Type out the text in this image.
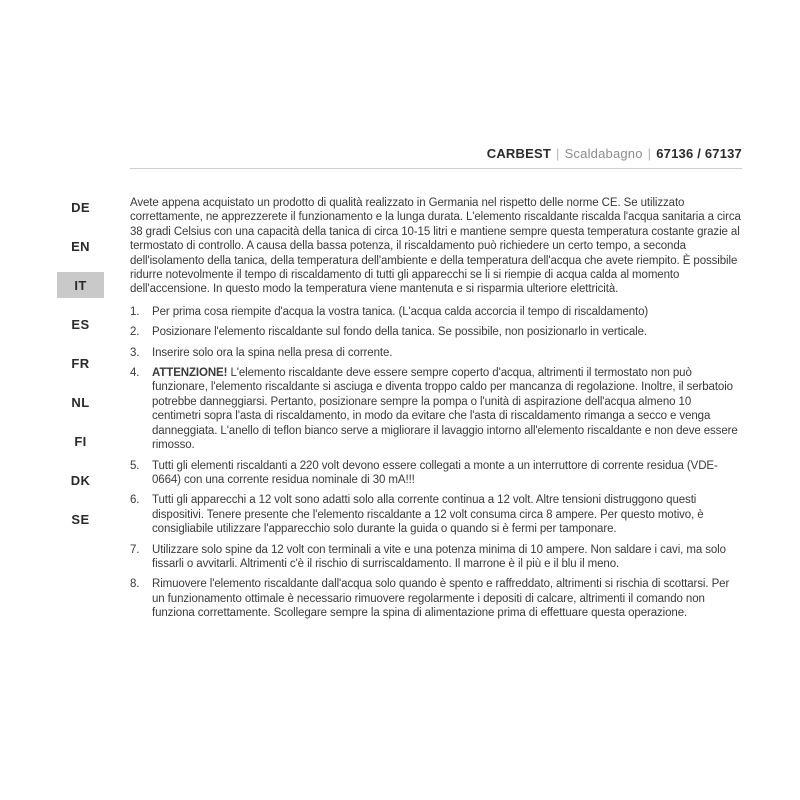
CARBEST | Scaldabagno | 67136 / 67137
DE
EN
IT
ES
FR
NL
FI
DK
SE

Avete appena acquistato un prodotto di qualità realizzato in Germania nel rispetto delle norme CE. Se utilizzato correttamente, ne apprezzerete il funzionamento e la lunga durata. L'elemento riscaldante riscalda l'acqua sanitaria a circa 38 gradi Celsius con una capacità della tanica di circa 10-15 litri e mantiene sempre questa temperatura costante grazie al termostato di controllo. A causa della bassa potenza, il riscaldamento può richiedere un certo tempo, a seconda dell'isolamento della tanica, della temperatura dell'ambiente e della temperatura dell'acqua che avete riempito. È possibile ridurre notevolmente il tempo di riscaldamento di tutti gli apparecchi se li si riempie di acqua calda al momento dell'accensione. In questo modo la temperatura viene mantenuta e si risparmia ulteriore elettricità.

1. Per prima cosa riempite d'acqua la vostra tanica. (L'acqua calda accorcia il tempo di riscaldamento)
2. Posizionare l'elemento riscaldante sul fondo della tanica. Se possibile, non posizionarlo in verticale.
3. Inserire solo ora la spina nella presa di corrente.
4. ATTENZIONE! L'elemento riscaldante deve essere sempre coperto d'acqua, altrimenti il termostato non può funzionare, l'elemento riscaldante si asciuga e diventa troppo caldo per mancanza di regolazione. Inoltre, il serbatoio potrebbe danneggiarsi. Pertanto, posizionare sempre la pompa o l'unità di aspirazione dell'acqua almeno 10 centimetri sopra l'asta di riscaldamento, in modo da evitare che l'asta di riscaldamento rimanga a secco e venga danneggiata. L'anello di teflon bianco serve a migliorare il lavaggio intorno all'elemento riscaldante e non deve essere rimosso.
5. Tutti gli elementi riscaldanti a 220 volt devono essere collegati a monte a un interruttore di corrente residua (VDE-0664) con una corrente residua nominale di 30 mA!!!
6. Tutti gli apparecchi a 12 volt sono adatti solo alla corrente continua a 12 volt. Altre tensioni distruggono questi dispositivi. Tenere presente che l'elemento riscaldante a 12 volt consuma circa 8 ampere. Per questo motivo, è consigliabile utilizzare l'apparecchio solo durante la guida o quando si è fermi per tamponare.
7. Utilizzare solo spine da 12 volt con terminali a vite e una potenza minima di 10 ampere. Non saldare i cavi, ma solo fissarli o avvitarli. Altrimenti c'è il rischio di surriscaldamento. Il marrone è il più e il blu il meno.
8. Rimuovere l'elemento riscaldante dall'acqua solo quando è spento e raffreddato, altrimenti si rischia di scottarsi. Per un funzionamento ottimale è necessario rimuovere regolarmente i depositi di calcare, altrimenti il comando non funziona correttamente. Scollegare sempre la spina di alimentazione prima di effettuare questa operazione.
